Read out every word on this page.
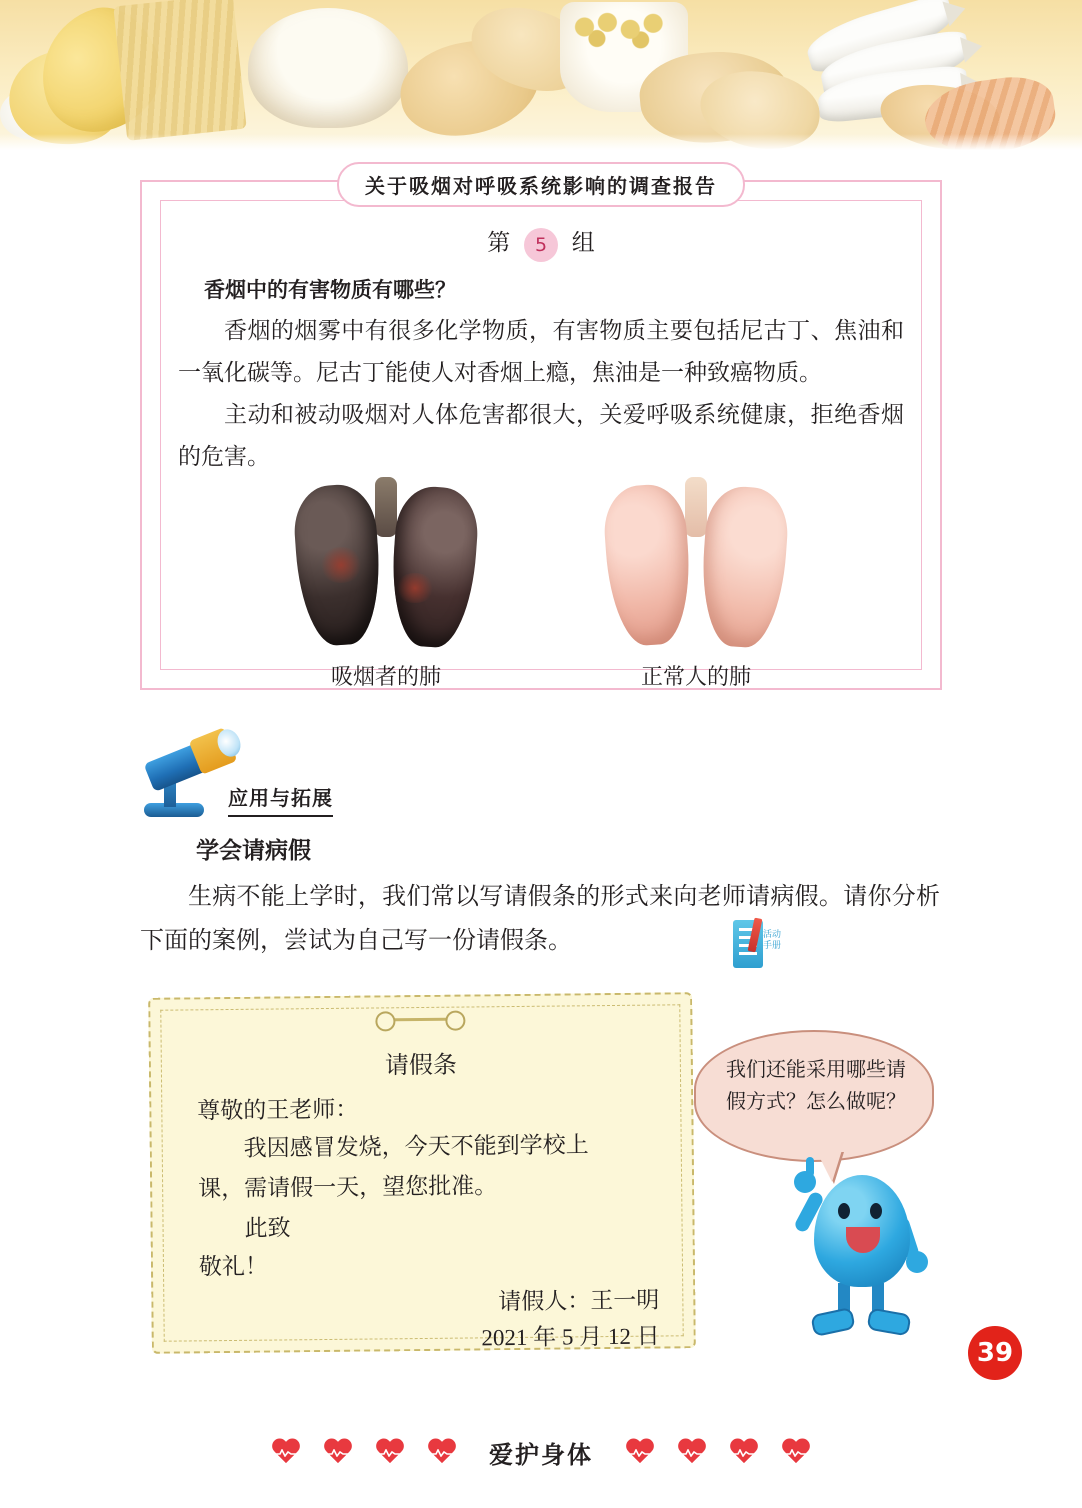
关于吸烟对呼吸系统影响的调查报告
第 5 组
香烟中的有害物质有哪些？
香烟的烟雾中有很多化学物质，有害物质主要包括尼古丁、焦油和一氧化碳等。尼古丁能使人对香烟上瘾，焦油是一种致癌物质。
主动和被动吸烟对人体危害都很大，关爱呼吸系统健康，拒绝香烟的危害。
吸烟者的肺	正常人的肺
应用与拓展
学会请病假
生病不能上学时，我们常以写请假条的形式来向老师请病假。请你分析下面的案例，尝试为自己写一份请假条。	活动 手册
请假条
尊敬的王老师：
我因感冒发烧，今天不能到学校上
课，需请假一天，望您批准。
此致
敬礼！
请假人：王一明
2021 年 5 月 12 日
我们还能采用哪些请假方式？怎么做呢？
39
爱护身体
